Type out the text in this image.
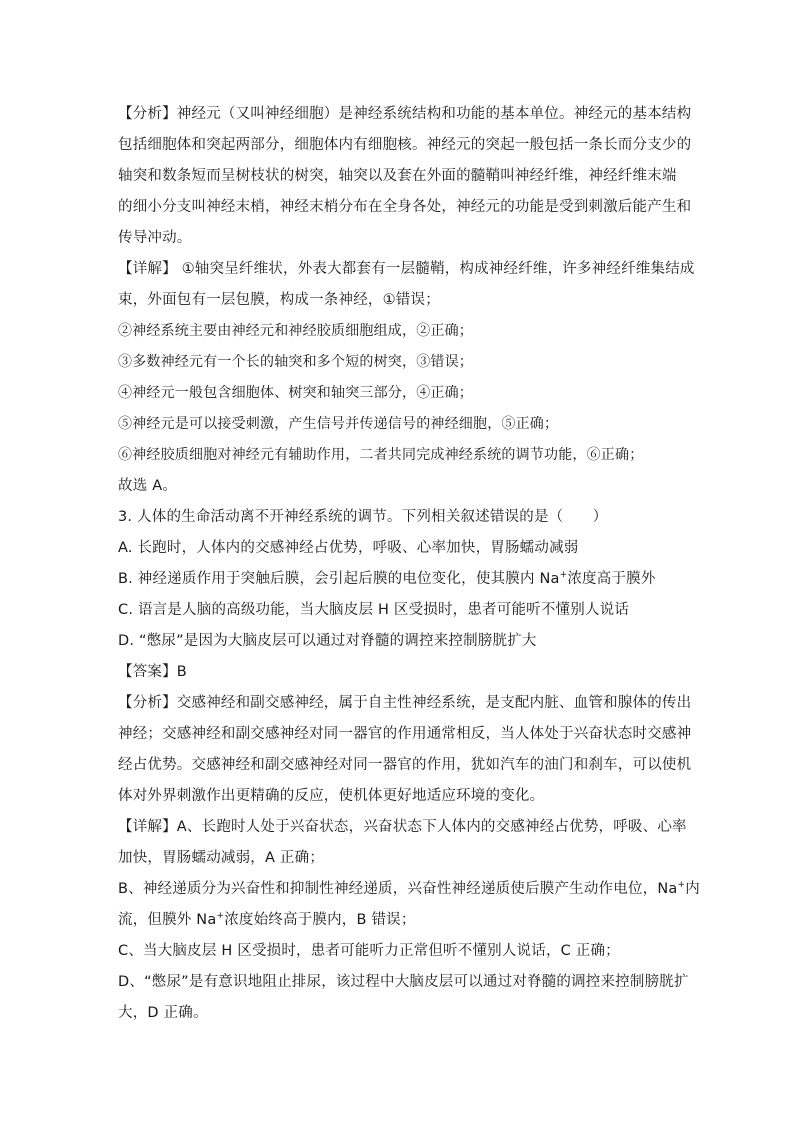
【分析】神经元（又叫神经细胞）是神经系统结构和功能的基本单位。神经元的基本结构
包括细胞体和突起两部分，细胞体内有细胞核。神经元的突起一般包括一条长而分支少的
轴突和数条短而呈树枝状的树突，轴突以及套在外面的髓鞘叫神经纤维，神经纤维末端
的细小分支叫神经末梢，神经末梢分布在全身各处，神经元的功能是受到刺激后能产生和
传导冲动。
【详解】 ①轴突呈纤维状，外表大都套有一层髓鞘，构成神经纤维，许多神经纤维集结成
束，外面包有一层包膜，构成一条神经，①错误；
②神经系统主要由神经元和神经胶质细胞组成，②正确；
③多数神经元有一个长的轴突和多个短的树突，③错误；
④神经元一般包含细胞体、树突和轴突三部分，④正确；
⑤神经元是可以接受刺激，产生信号并传递信号的神经细胞，⑤正确；
⑥神经胶质细胞对神经元有辅助作用，二者共同完成神经系统的调节功能，⑥正确；
故选 A。
3. 人体的生命活动离不开神经系统的调节。下列相关叙述错误的是（　　）
A. 长跑时，人体内的交感神经占优势，呼吸、心率加快，胃肠蠕动减弱
B. 神经递质作用于突触后膜，会引起后膜的电位变化，使其膜内 Na+浓度高于膜外
C. 语言是人脑的高级功能，当大脑皮层 H 区受损时，患者可能听不懂别人说话
D. “憋尿”是因为大脑皮层可以通过对脊髓的调控来控制膀胱扩大
【答案】B
【分析】交感神经和副交感神经，属于自主性神经系统，是支配内脏、血管和腺体的传出
神经；交感神经和副交感神经对同一器官的作用通常相反，当人体处于兴奋状态时交感神
经占优势。交感神经和副交感神经对同一器官的作用，犹如汽车的油门和刹车，可以使机
体对外界刺激作出更精确的反应，使机体更好地适应环境的变化。
【详解】A、长跑时人处于兴奋状态，兴奋状态下人体内的交感神经占优势，呼吸、心率
加快，胃肠蠕动减弱，A 正确；
B、神经递质分为兴奋性和抑制性神经递质，兴奋性神经递质使后膜产生动作电位，Na+内
流，但膜外 Na+浓度始终高于膜内，B 错误；
C、当大脑皮层 H 区受损时，患者可能听力正常但听不懂别人说话，C 正确；
D、“憋尿”是有意识地阻止排尿，该过程中大脑皮层可以通过对脊髓的调控来控制膀胱扩
大，D 正确。
